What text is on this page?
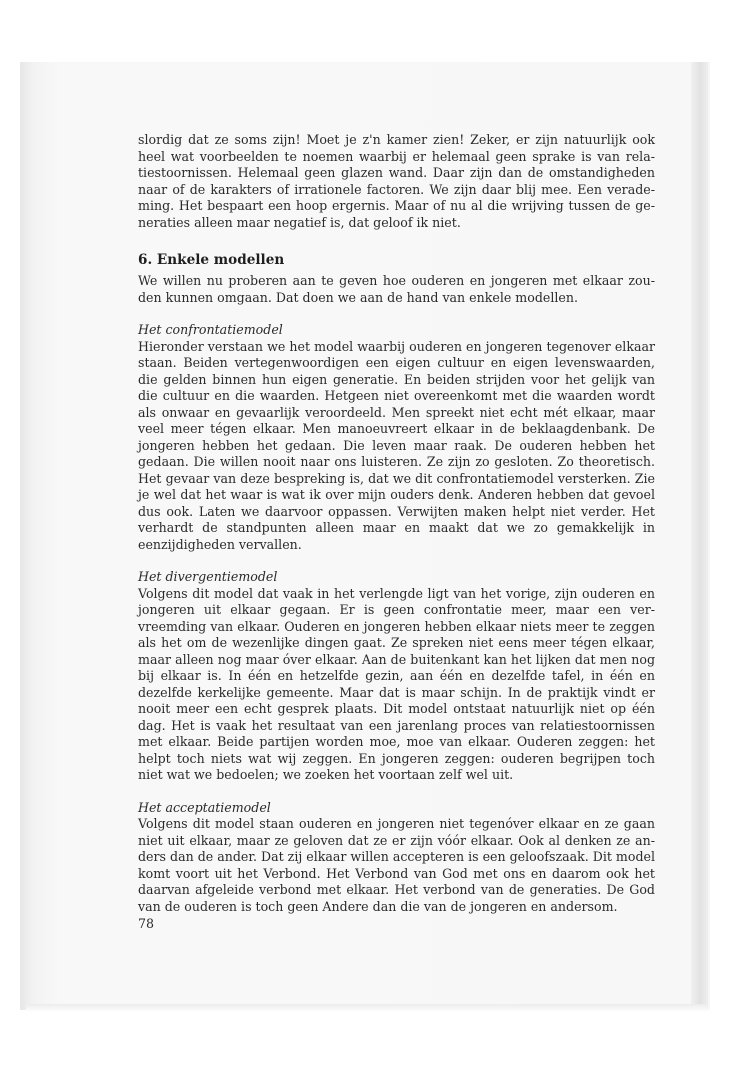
slordig dat ze soms zijn! Moet je z'n kamer zien! Zeker, er zijn natuurlijk ook heel wat voorbeelden te noemen waarbij er helemaal geen sprake is van relatiestoornissen. Helemaal geen glazen wand. Daar zijn dan de omstandigheden naar of de karakters of irrationele factoren. We zijn daar blij mee. Een verademing. Het bespaart een hoop ergernis. Maar of nu al die wrijving tussen de generaties alleen maar negatief is, dat geloof ik niet.

6. Enkele modellen

We willen nu proberen aan te geven hoe ouderen en jongeren met elkaar zouden kunnen omgaan. Dat doen we aan de hand van enkele modellen.

Het confrontatiemodel

Hieronder verstaan we het model waarbij ouderen en jongeren tegenover elkaar staan. Beiden vertegenwoordigen een eigen cultuur en eigen levenswaarden, die gelden binnen hun eigen generatie. En beiden strijden voor het gelijk van die cultuur en die waarden. Hetgeen niet overeenkomt met die waarden wordt als onwaar en gevaarlijk veroordeeld. Men spreekt niet echt mét elkaar, maar veel meer tégen elkaar. Men manoeuvreert elkaar in de beklaagdenbank. De jongeren hebben het gedaan. Die leven maar raak. De ouderen hebben het gedaan. Die willen nooit naar ons luisteren. Ze zijn zo gesloten. Zo theoretisch. Het gevaar van deze bespreking is, dat we dit confrontatiemodel versterken. Zie je wel dat het waar is wat ik over mijn ouders denk. Anderen hebben dat gevoel dus ook. Laten we daarvoor oppassen. Verwijten maken helpt niet verder. Het verhardt de standpunten alleen maar en maakt dat we zo gemakkelijk in eenzijdigheden vervallen.

Het divergentiemodel

Volgens dit model dat vaak in het verlengde ligt van het vorige, zijn ouderen en jongeren uit elkaar gegaan. Er is geen confrontatie meer, maar een vervreemding van elkaar. Ouderen en jongeren hebben elkaar niets meer te zeggen als het om de wezenlijke dingen gaat. Ze spreken niet eens meer tégen elkaar, maar alleen nog maar óver elkaar. Aan de buitenkant kan het lijken dat men nog bij elkaar is. In één en hetzelfde gezin, aan één en dezelfde tafel, in één en dezelfde kerkelijke gemeente. Maar dat is maar schijn. In de praktijk vindt er nooit meer een echt gesprek plaats. Dit model ontstaat natuurlijk niet op één dag. Het is vaak het resultaat van een jarenlang proces van relatiestoornissen met elkaar. Beide partijen worden moe, moe van elkaar. Ouderen zeggen: het helpt toch niets wat wij zeggen. En jongeren zeggen: ouderen begrijpen toch niet wat we bedoelen; we zoeken het voortaan zelf wel uit.

Het acceptatiemodel

Volgens dit model staan ouderen en jongeren niet tegenóver elkaar en ze gaan niet uit elkaar, maar ze geloven dat ze er zijn vóór elkaar. Ook al denken ze anders dan de ander. Dat zij elkaar willen accepteren is een geloofszaak. Dit model komt voort uit het Verbond. Het Verbond van God met ons en daarom ook het daarvan afgeleide verbond met elkaar. Het verbond van de generaties. De God van de ouderen is toch geen Andere dan die van de jongeren en andersom.

78
